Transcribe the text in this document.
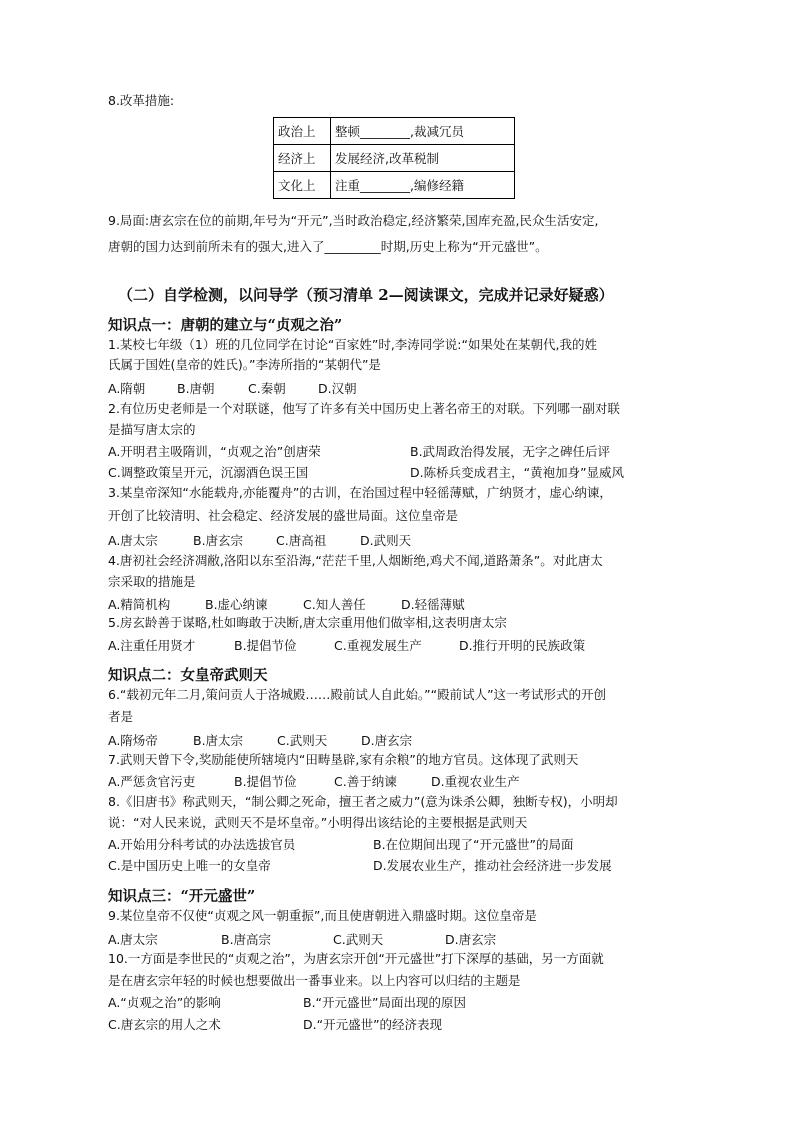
8.改革措施:
政治上	整顿________,裁减冗员
经济上	发展经济,改革税制
文化上	注重________,编修经籍
9.局面:唐玄宗在位的前期,年号为“开元”,当时政治稳定,经济繁荣,国库充盈,民众生活安定,
唐朝的国力达到前所未有的强大,进入了_________时期,历史上称为“开元盛世”。
（二）自学检测，以问导学（预习清单 2—阅读课文，完成并记录好疑惑）
知识点一：唐朝的建立与“贞观之治”
1.某校七年级（1）班的几位同学在讨论“百家姓”时,李涛同学说:“如果处在某朝代,我的姓
氏属于国姓(皇帝的姓氏)。”李涛所指的“某朝代”是
A.隋朝	B.唐朝	C.秦朝	D.汉朝
2.有位历史老师是一个对联谜，他写了许多有关中国历史上著名帝王的对联。下列哪一副对联
是描写唐太宗的
A.开明君主吸隋训，“贞观之治”创唐荣	B.武周政治得发展，无字之碑任后评
C.调整政策呈开元，沉溺酒色误王国	D.陈桥兵变成君主，“黄袍加身”显威风
3.某皇帝深知“水能载舟,亦能覆舟”的古训，在治国过程中轻徭薄赋，广纳贤才，虚心纳谏，
开创了比较清明、社会稳定、经济发展的盛世局面。这位皇帝是
A.唐太宗	B.唐玄宗	C.唐高祖	D.武则天
4.唐初社会经济凋敝,洛阳以东至沿海,“茫茫千里,人烟断绝,鸡犬不闻,道路萧条”。对此唐太
宗采取的措施是
A.精简机构	B.虚心纳谏	C.知人善任	D.轻徭薄赋
5.房玄龄善于谋略,杜如晦敢于决断,唐太宗重用他们做宰相,这表明唐太宗
A.注重任用贤才	B.提倡节俭	C.重视发展生产	D.推行开明的民族政策
知识点二：女皇帝武则天
6.“载初元年二月,策问贡人于洛城殿……殿前试人自此始。”“殿前试人”这一考试形式的开创
者是
A.隋炀帝	B.唐太宗	C.武则天	D.唐玄宗
7.武则天曾下令,奖励能使所辖境内“田畴垦辟,家有余粮”的地方官员。这体现了武则天
A.严惩贪官污吏	B.提倡节俭	C.善于纳谏	D.重视农业生产
8.《旧唐书》称武则天，“制公卿之死命，擅王者之威力”(意为诛杀公卿，独断专权)，小明却
说：“对人民来说，武则天不是坏皇帝。”小明得出该结论的主要根据是武则天
A.开始用分科考试的办法选拔官员	B.在位期间出现了“开元盛世”的局面
C.是中国历史上唯一的女皇帝	D.发展农业生产，推动社会经济进一步发展
知识点三：“开元盛世”
9.某位皇帝不仅使“贞观之风一朝重振”,而且使唐朝进入鼎盛时期。这位皇帝是
A.唐太宗	B.唐高宗	C.武则天	D.唐玄宗
10.一方面是李世民的“贞观之治”，为唐玄宗开创“开元盛世”打下深厚的基础，另一方面就
是在唐玄宗年轻的时候也想要做出一番事业来。以上内容可以归结的主题是
A.“贞观之治”的影响	B.“开元盛世”局面出现的原因
C.唐玄宗的用人之术	D.“开元盛世”的经济表现
